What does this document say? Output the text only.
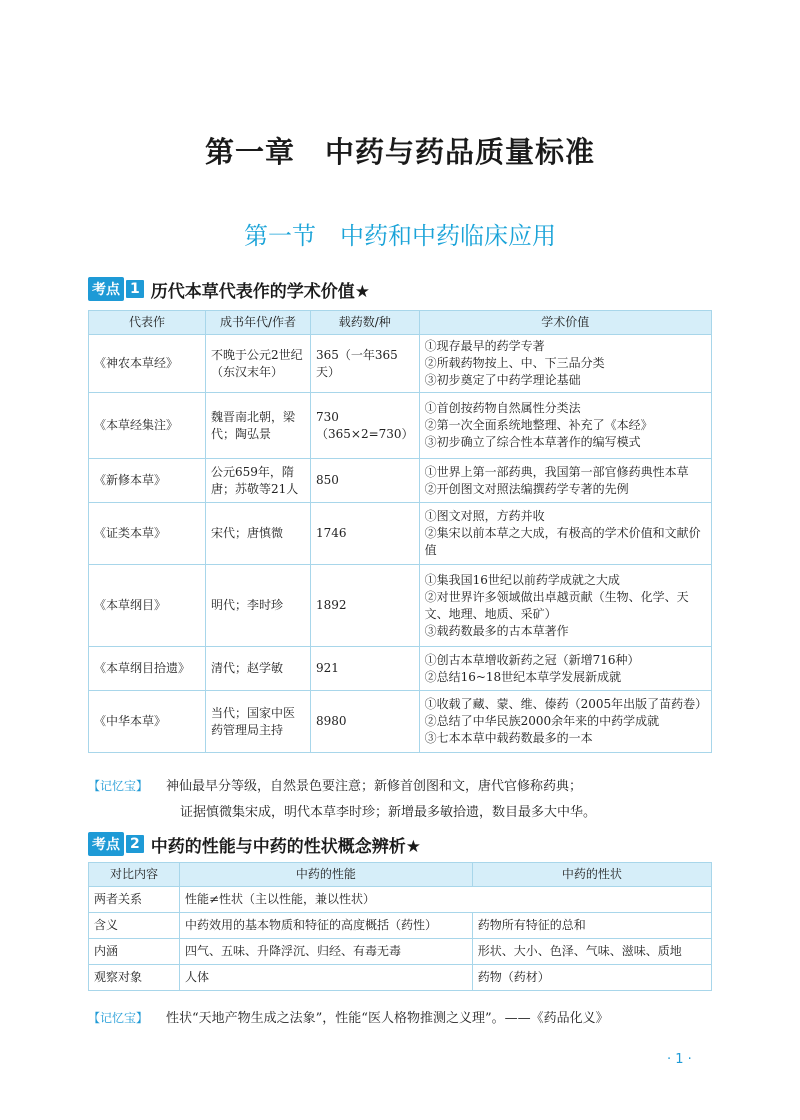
第一章　中药与药品质量标准
第一节　中药和中药临床应用
考点 1 历代本草代表作的学术价值★
代表作	成书年代/作者	载药数/种	学术价值
《神农本草经》	不晚于公元2世纪（东汉末年）	365（一年365天）	①现存最早的药学专著
②所载药物按上、中、下三品分类
③初步奠定了中药学理论基础

《本草经集注》	魏晋南北朝，梁代；陶弘景	730（365×2=730）	①首创按药物自然属性分类法
②第一次全面系统地整理、补充了《本经》
③初步确立了综合性本草著作的编写模式

《新修本草》	公元659年，隋唐；苏敬等21人	850	①世界上第一部药典，我国第一部官修药典性本草
②开创图文对照法编撰药学专著的先例

《证类本草》	宋代；唐慎微	1746	①图文对照，方药并收
②集宋以前本草之大成，有极高的学术价值和文献价值

《本草纲目》	明代；李时珍	1892	①集我国16世纪以前药学成就之大成
②对世界许多领域做出卓越贡献（生物、化学、天文、地理、地质、采矿）
③载药数最多的古本草著作

《本草纲目拾遗》	清代；赵学敏	921	①创古本草增收新药之冠（新增716种）
②总结16~18世纪本草学发展新成就

《中华本草》	当代；国家中医药管理局主持	8980	①收载了藏、蒙、维、傣药（2005年出版了苗药卷）
②总结了中华民族2000余年来的中药学成就
③七本本草中载药数最多的一本
【记忆宝】 神仙最早分等级，自然景色要注意；新修首创图和文，唐代官修称药典；
证据慎微集宋成，明代本草李时珍；新增最多敏拾遗，数目最多大中华。
考点 2 中药的性能与中药的性状概念辨析★
对比内容	中药的性能	中药的性状
两者关系	性能≠性状（主以性能，兼以性状）	
含义	中药效用的基本物质和特征的高度概括（药性）	药物所有特征的总和
内涵	四气、五味、升降浮沉、归经、有毒无毒	形状、大小、色泽、气味、滋味、质地
观察对象	人体	药物（药材）
【记忆宝】 性状“天地产物生成之法象”，性能“医人格物推测之义理”。——《药品化义》
· 1 ·
